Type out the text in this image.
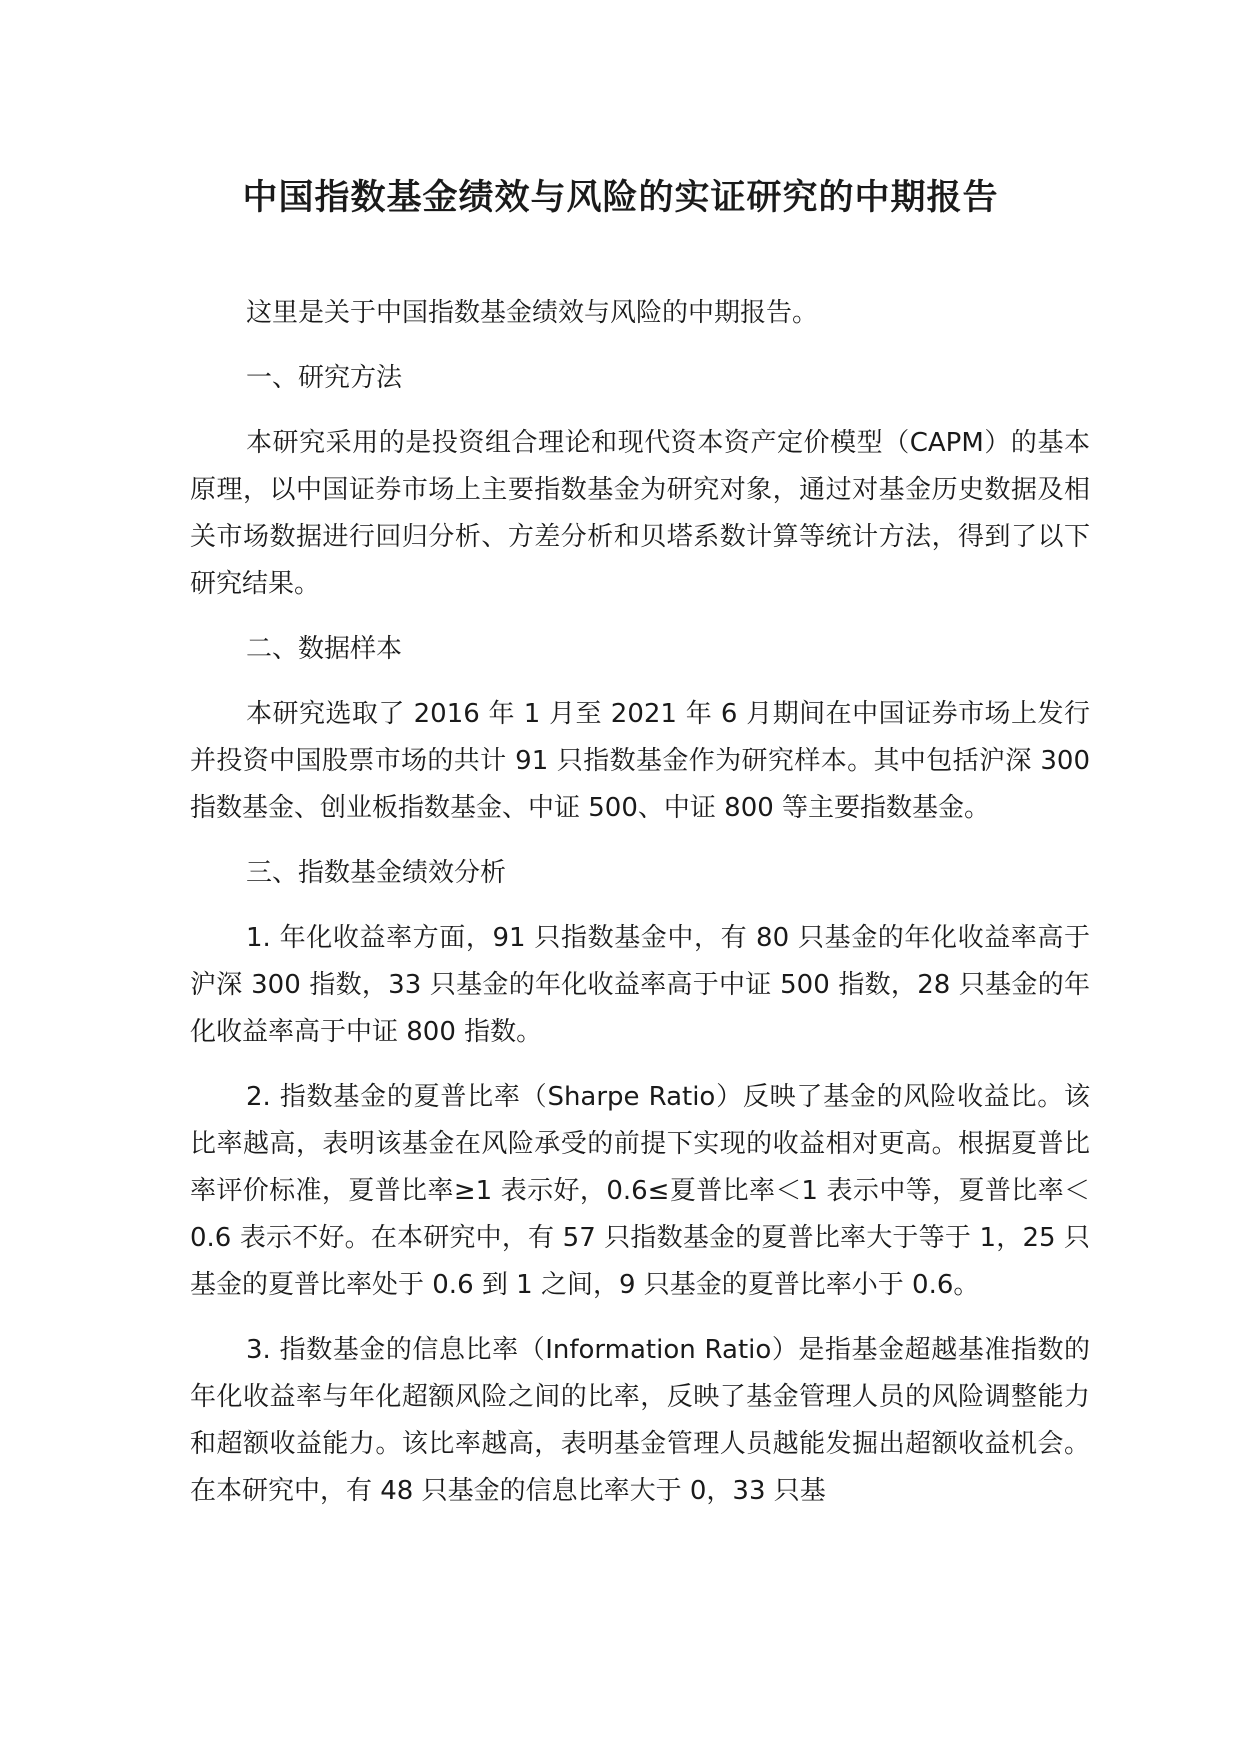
中国指数基金绩效与风险的实证研究的中期报告

这里是关于中国指数基金绩效与风险的中期报告。

一、研究方法

本研究采用的是投资组合理论和现代资本资产定价模型（CAPM）的基本原理，以中国证券市场上主要指数基金为研究对象，通过对基金历史数据及相关市场数据进行回归分析、方差分析和贝塔系数计算等统计方法，得到了以下研究结果。

二、数据样本

本研究选取了 2016 年 1 月至 2021 年 6 月期间在中国证券市场上发行并投资中国股票市场的共计 91 只指数基金作为研究样本。其中包括沪深 300 指数基金、创业板指数基金、中证 500、中证 800 等主要指数基金。

三、指数基金绩效分析

1. 年化收益率方面，91 只指数基金中，有 80 只基金的年化收益率高于沪深 300 指数，33 只基金的年化收益率高于中证 500 指数，28 只基金的年化收益率高于中证 800 指数。

2. 指数基金的夏普比率（Sharpe Ratio）反映了基金的风险收益比。该比率越高，表明该基金在风险承受的前提下实现的收益相对更高。根据夏普比率评价标准，夏普比率≥1 表示好，0.6≤夏普比率＜1 表示中等，夏普比率＜0.6 表示不好。在本研究中，有 57 只指数基金的夏普比率大于等于 1，25 只基金的夏普比率处于 0.6 到 1 之间，9 只基金的夏普比率小于 0.6。

3. 指数基金的信息比率（Information Ratio）是指基金超越基准指数的年化收益率与年化超额风险之间的比率，反映了基金管理人员的风险调整能力和超额收益能力。该比率越高，表明基金管理人员越能发掘出超额收益机会。在本研究中，有 48 只基金的信息比率大于 0，33 只基
